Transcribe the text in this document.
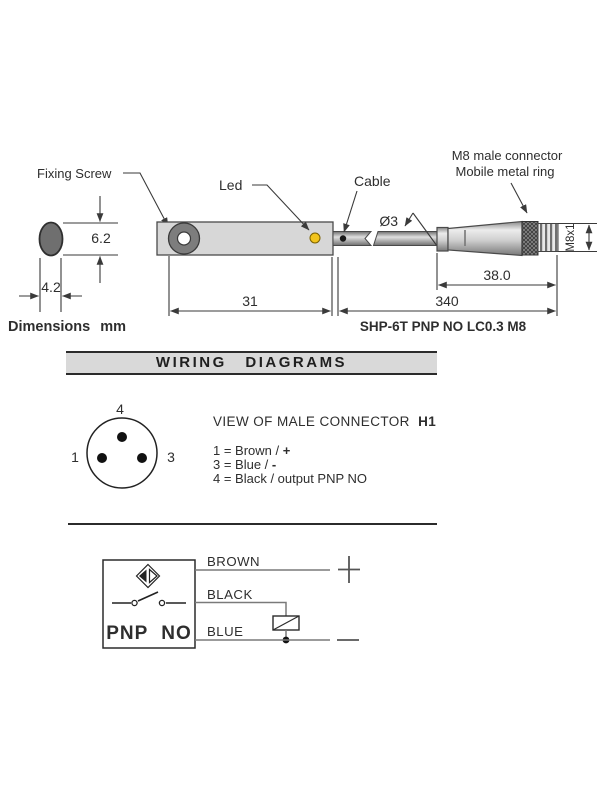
6.2
4.2
Fixing Screw
Led	Cable
Ø3
M8 male connector
Mobile metal ring
M8x1
31	340
38.0
Dimensions mm	SHP-6T PNP NO LC0.3 M8
4
1	3
PNP NO
BROWN
BLACK
BLUE
WIRING DIAGRAMS
VIEW OF MALE CONNECTOR H1
1 = Brown / +
3 = Blue / -
4 = Black / output PNP NO
